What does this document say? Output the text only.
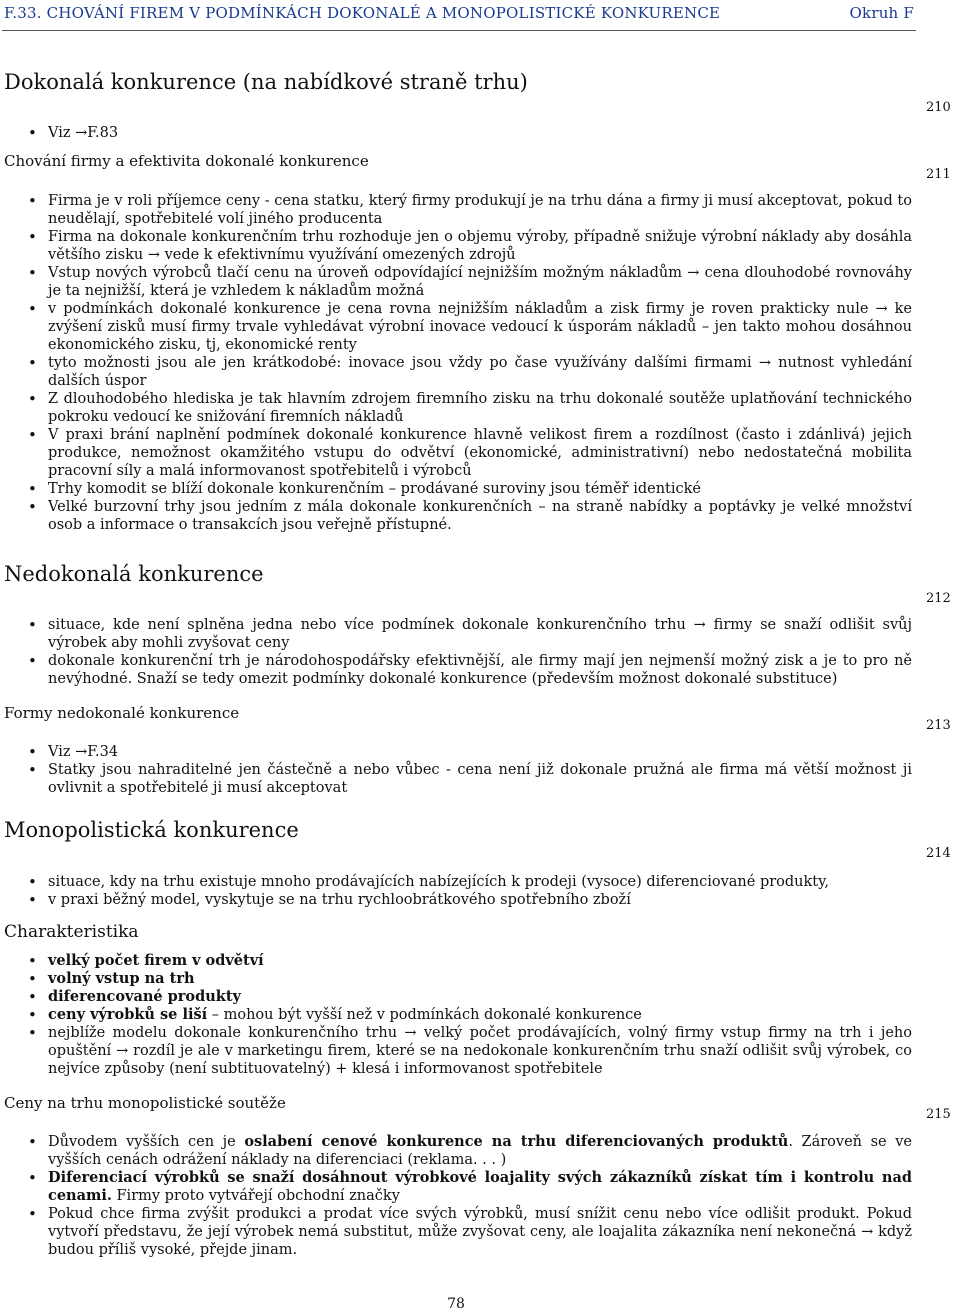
F.33. CHOVÁNÍ FIREM V PODMÍNKÁCH DOKONALÉ A MONOPOLISTICKÉ KONKURENCE	Okruh F
210
211
212
213
214
215
Dokonalá konkurence (na nabídkové straně trhu)
• Viz →F.83
Chování firmy a efektivita dokonalé konkurence
• Firma je v roli příjemce ceny - cena statku, který firmy produkují je na trhu dána a firmy ji musí akceptovat, pokud to neudělají, spotřebitelé volí jiného producenta
• Firma na dokonale konkurenčním trhu rozhoduje jen o objemu výroby, případně snižuje výrobní náklady aby dosáhla většího zisku → vede k efektivnímu využívání omezených zdrojů
• Vstup nových výrobců tlačí cenu na úroveň odpovídající nejnižším možným nákladům → cena dlouhodobé rovnováhy je ta nejnižší, která je vzhledem k nákladům možná
• v podmínkách dokonalé konkurence je cena rovna nejnižším nákladům a zisk firmy je roven prakticky nule → ke zvýšení zisků musí firmy trvale vyhledávat výrobní inovace vedoucí k úsporám nákladů – jen takto mohou dosáhnou ekonomického zisku, tj, ekonomické renty
• tyto možnosti jsou ale jen krátkodobé: inovace jsou vždy po čase využívány dalšími firmami → nutnost vyhledání dalších úspor
• Z dlouhodobého hlediska je tak hlavním zdrojem firemního zisku na trhu dokonalé soutěže uplatňování technického pokroku vedoucí ke snižování firemních nákladů
• V praxi brání naplnění podmínek dokonalé konkurence hlavně velikost firem a rozdílnost (často i zdánlivá) jejich produkce, nemožnost okamžitého vstupu do odvětví (ekonomické, administrativní) nebo nedostatečná mobilita pracovní síly a malá informovanost spotřebitelů i výrobců
• Trhy komodit se blíží dokonale konkurenčním – prodávané suroviny jsou téměř identické
• Velké burzovní trhy jsou jedním z mála dokonale konkurenčních – na straně nabídky a poptávky je velké množství osob a informace o transakcích jsou veřejně přístupné.
Nedokonalá konkurence
• situace, kde není splněna jedna nebo více podmínek dokonale konkurenčního trhu → firmy se snaží odlišit svůj výrobek aby mohli zvyšovat ceny
• dokonale konkurenční trh je národohospodářsky efektivnější, ale firmy mají jen nejmenší možný zisk a je to pro ně nevýhodné. Snaží se tedy omezit podmínky dokonalé konkurence (především možnost dokonalé substituce)
Formy nedokonalé konkurence
• Viz →F.34
• Statky jsou nahraditelné jen částečně a nebo vůbec - cena není již dokonale pružná ale firma má větší možnost ji ovlivnit a spotřebitelé ji musí akceptovat
Monopolistická konkurence
• situace, kdy na trhu existuje mnoho prodávajících nabízejících k prodeji (vysoce) diferenciované produkty,
• v praxi běžný model, vyskytuje se na trhu rychloobrátkového spotřebního zboží
Charakteristika
• velký počet firem v odvětví
• volný vstup na trh
• diferencované produkty
• ceny výrobků se liší – mohou být vyšší než v podmínkách dokonalé konkurence
• nejblíže modelu dokonale konkurenčního trhu → velký počet prodávajících, volný firmy vstup firmy na trh i jeho opuštění → rozdíl je ale v marketingu firem, které se na nedokonale konkurenčním trhu snaží odlišit svůj výrobek, co nejvíce způsoby (není subtituovatelný) + klesá i informovanost spotřebitele
Ceny na trhu monopolistické soutěže
• Důvodem vyšších cen je oslabení cenové konkurence na trhu diferenciovaných produktů. Zároveň se ve vyšších cenách odrážení náklady na diferenciaci (reklama. . . )
• Diferenciací výrobků se snaží dosáhnout výrobkové loajality svých zákazníků získat tím i kontrolu nad cenami. Firmy proto vytvářejí obchodní značky
• Pokud chce firma zvýšit produkci a prodat více svých výrobků, musí snížit cenu nebo více odlišit produkt. Pokud vytvoří představu, že její výrobek nemá substitut, může zvyšovat ceny, ale loajalita zákazníka není nekonečná → když budou příliš vysoké, přejde jinam.
78
